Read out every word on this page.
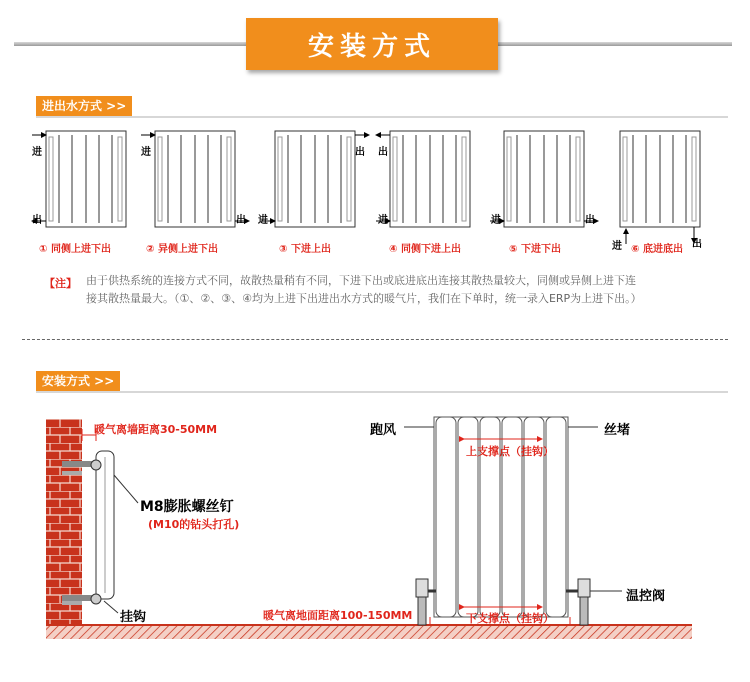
安装方式
进出水方式 >>
进
出
进
出 进
出
进
出
进	出
进	出
① 同侧上进下出	② 异侧上进下出	③ 下进上出	④ 同侧下进上出	⑤ 下进下出	⑥ 底进底出
【注】 由于供热系统的连接方式不同，故散热量稍有不同，下进下出或底进底出连接其散热量较大，同侧或异侧上进下连
接其散热量最大。（①、②、③、④均为上进下出进出水方式的暖气片，我们在下单时，统一录入ERP为上进下出。）
安装方式 >>
暖气离墙距离30-50MM
M8膨胀螺丝钉
(M10的钻头打孔)
挂钩
跑风	丝堵
上支撑点（挂钩）
下支撑点（挂钩）
温控阀
暖气离地面距离100-150MM
